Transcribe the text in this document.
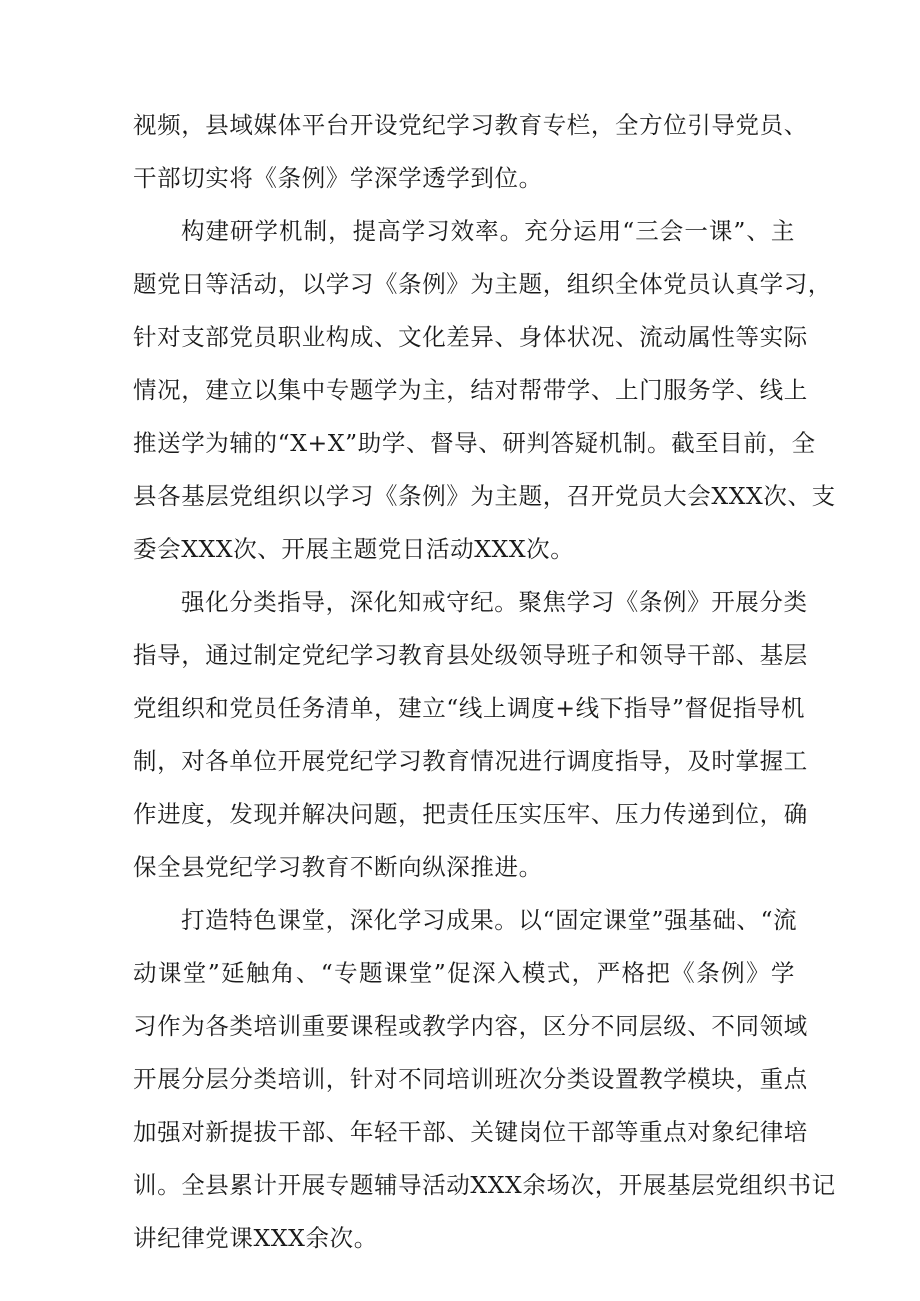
视频，县域媒体平台开设党纪学习教育专栏，全方位引导党员、
干部切实将《条例》学深学透学到位。
构建研学机制，提高学习效率。充分运用“三会一课”、主
题党日等活动，以学习《条例》为主题，组织全体党员认真学习，
针对支部党员职业构成、文化差异、身体状况、流动属性等实际
情况，建立以集中专题学为主，结对帮带学、上门服务学、线上
推送学为辅的“X+X”助学、督导、研判答疑机制。截至目前，全
县各基层党组织以学习《条例》为主题，召开党员大会XXX次、支
委会XXX次、开展主题党日活动XXX次。
强化分类指导，深化知戒守纪。聚焦学习《条例》开展分类
指导，通过制定党纪学习教育县处级领导班子和领导干部、基层
党组织和党员任务清单，建立“线上调度+线下指导”督促指导机
制，对各单位开展党纪学习教育情况进行调度指导，及时掌握工
作进度，发现并解决问题，把责任压实压牢、压力传递到位，确
保全县党纪学习教育不断向纵深推进。
打造特色课堂，深化学习成果。以“固定课堂”强基础、“流
动课堂”延触角、“专题课堂”促深入模式，严格把《条例》学
习作为各类培训重要课程或教学内容，区分不同层级、不同领域
开展分层分类培训，针对不同培训班次分类设置教学模块，重点
加强对新提拔干部、年轻干部、关键岗位干部等重点对象纪律培
训。全县累计开展专题辅导活动XXX余场次，开展基层党组织书记
讲纪律党课XXX余次。
